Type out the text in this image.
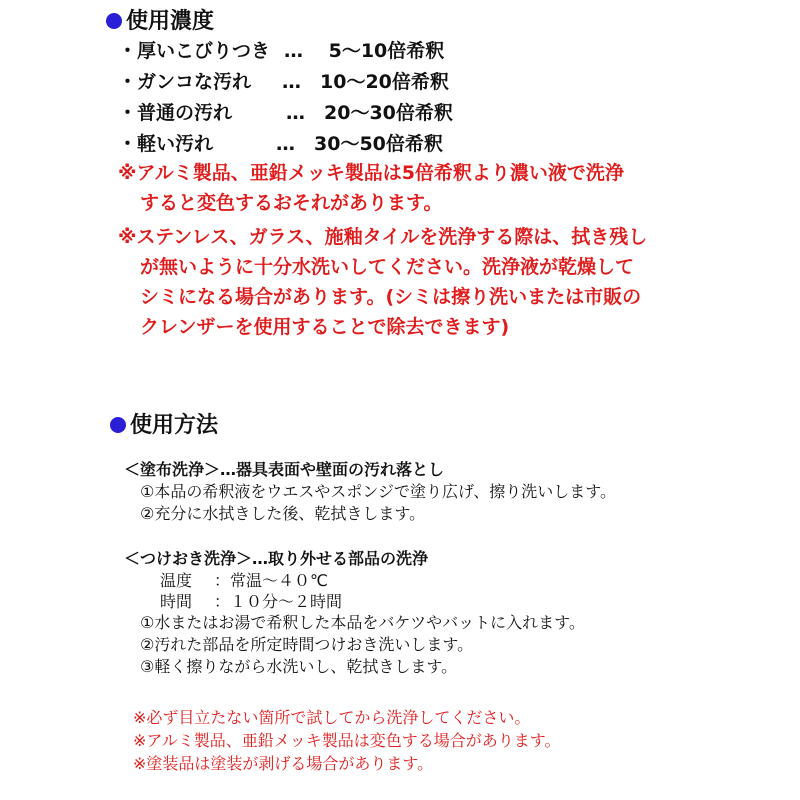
使用濃度
・厚いこびりつき …　 5～10倍希釈
・ガンコな汚れ …　10～20倍希釈
・普通の汚れ	…　20～30倍希釈
・軽い汚れ	…　30～50倍希釈
※アルミ製品、亜鉛メッキ製品は5倍希釈より濃い液で洗浄
すると変色するおそれがあります。
※ステンレス、ガラス、施釉タイルを洗浄する際は、拭き残し
が無いように十分水洗いしてください。洗浄液が乾燥して
シミになる場合があります。(シミは擦り洗いまたは市販の
クレンザーを使用することで除去できます)
使用方法
＜塗布洗浄＞…器具表面や壁面の汚れ落とし
①本品の希釈液をウエスやスポンジで塗り広げ、擦り洗いします。
②充分に水拭きした後、乾拭きします。
＜つけおき洗浄＞…取り外せる部品の洗浄
温度 ：常温～４０℃
時間 ：１０分～２時間
①水またはお湯で希釈した本品をバケツやバットに入れます。
②汚れた部品を所定時間つけおき洗いします。
③軽く擦りながら水洗いし、乾拭きします。
※必ず目立たない箇所で試してから洗浄してください。
※アルミ製品、亜鉛メッキ製品は変色する場合があります。
※塗装品は塗装が剥げる場合があります。
